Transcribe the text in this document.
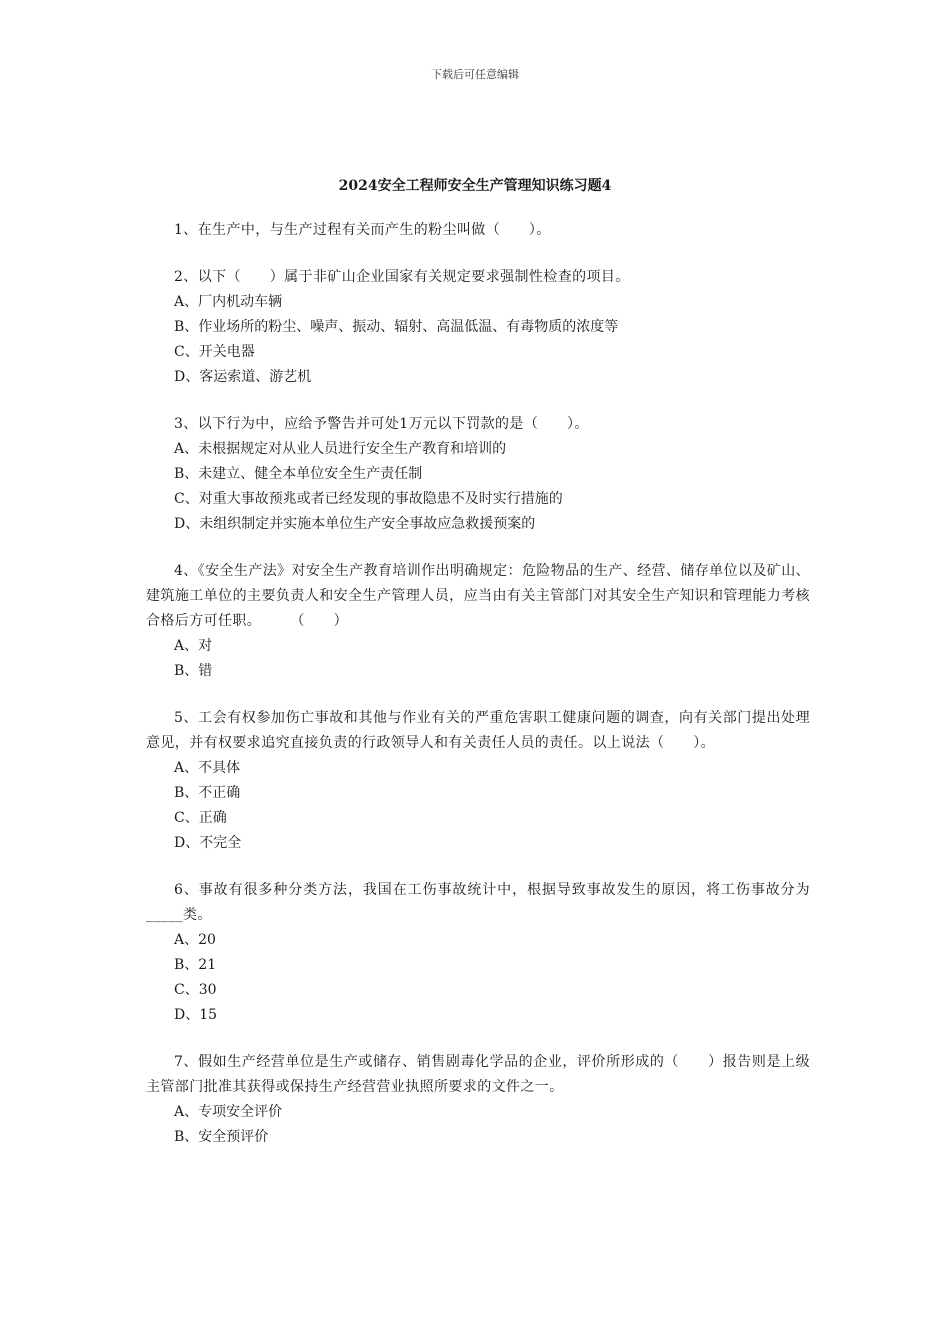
下载后可任意编辑
2024安全工程师安全生产管理知识练习题4
1、在生产中，与生产过程有关而产生的粉尘叫做（　　）。
2、以下（　　）属于非矿山企业国家有关规定要求强制性检查的项目。
A、厂内机动车辆
B、作业场所的粉尘、噪声、振动、辐射、高温低温、有毒物质的浓度等
C、开关电器
D、客运索道、游艺机
3、以下行为中，应给予警告并可处1万元以下罚款的是（　　）。
A、未根据规定对从业人员进行安全生产教育和培训的
B、未建立、健全本单位安全生产责任制
C、对重大事故预兆或者已经发现的事故隐患不及时实行措施的
D、未组织制定并实施本单位生产安全事故应急救援预案的
4、《安全生产法》对安全生产教育培训作出明确规定：危险物品的生产、经营、储存单位以及矿山、建筑施工单位的主要负责人和安全生产管理人员，应当由有关主管部门对其安全生产知识和管理能力考核合格后方可任职。　　　（　　）
A、对
B、错
5、工会有权参加伤亡事故和其他与作业有关的严重危害职工健康问题的调查，向有关部门提出处理意见，并有权要求追究直接负责的行政领导人和有关责任人员的责任。以上说法（　　）。
A、不具体
B、不正确
C、正确
D、不完全
6、事故有很多种分类方法，我国在工伤事故统计中，根据导致事故发生的原因，将工伤事故分为_____类。
A、20
B、21
C、30
D、15
7、假如生产经营单位是生产或储存、销售剧毒化学品的企业，评价所形成的（　　）报告则是上级主管部门批准其获得或保持生产经营营业执照所要求的文件之一。
A、专项安全评价
B、安全预评价
